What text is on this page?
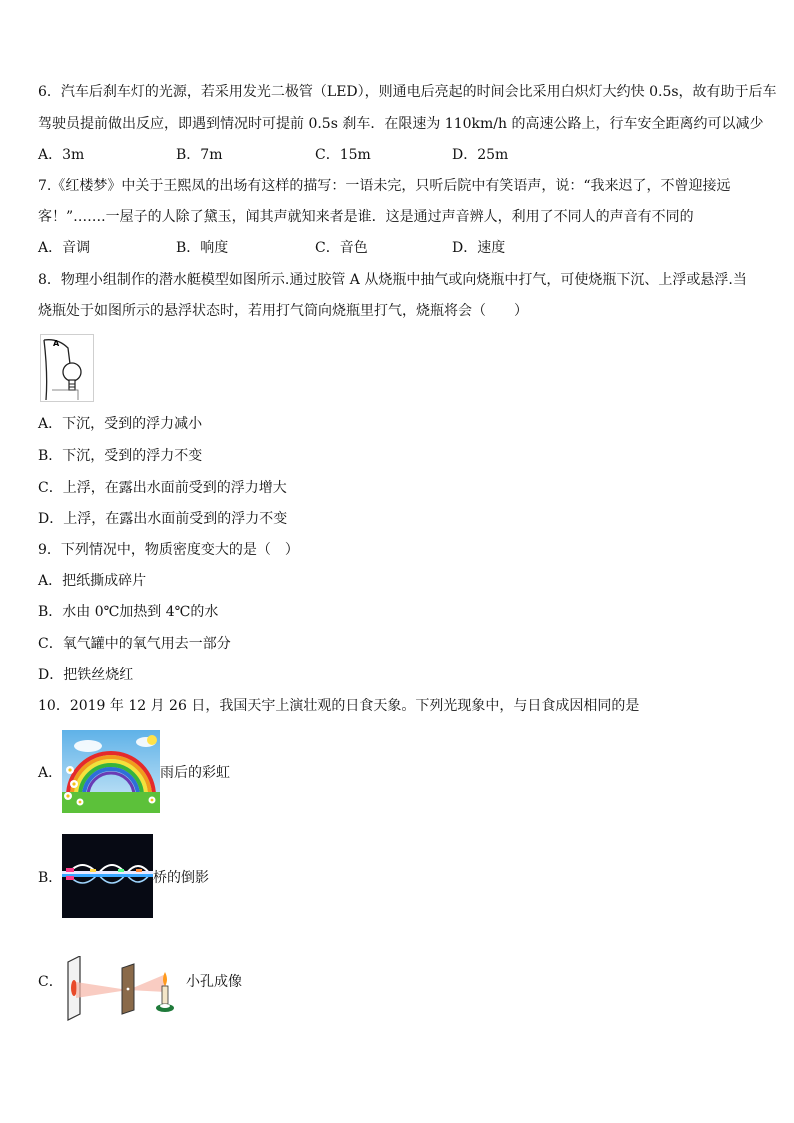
6．汽车后刹车灯的光源，若采用发光二极管（LED），则通电后亮起的时间会比采用白炽灯大约快 0.5s，故有助于后车
驾驶员提前做出反应，即遇到情况时可提前 0.5s 刹车．在限速为 110km/h 的高速公路上，行车安全距离约可以减少
A．3m	B．7m	C．15m	D．25m
7.《红楼梦》中关于王熙凤的出场有这样的描写：一语未完，只听后院中有笑语声，说：“我来迟了，不曾迎接远
客！”…….一屋子的人除了黛玉，闻其声就知来者是谁．这是通过声音辨人，利用了不同人的声音有不同的
A．音调	B．响度	C．音色	D．速度
8．物理小组制作的潜水艇模型如图所示.通过胶管 A 从烧瓶中抽气或向烧瓶中打气，可使烧瓶下沉、上浮或悬浮.当
烧瓶处于如图所示的悬浮状态时，若用打气筒向烧瓶里打气，烧瓶将会（　　）
A
A．下沉，受到的浮力减小
B．下沉，受到的浮力不变
C．上浮，在露出水面前受到的浮力增大
D．上浮，在露出水面前受到的浮力不变
9．下列情况中，物质密度变大的是（　）
A．把纸撕成碎片
B．水由 0℃加热到 4℃的水
C．氧气罐中的氧气用去一部分
D．把铁丝烧红
10．2019 年 12 月 26 日，我国天宇上演壮观的日食天象。下列光现象中，与日食成因相同的是
A．	雨后的彩虹
B．	桥的倒影
C．	小孔成像
